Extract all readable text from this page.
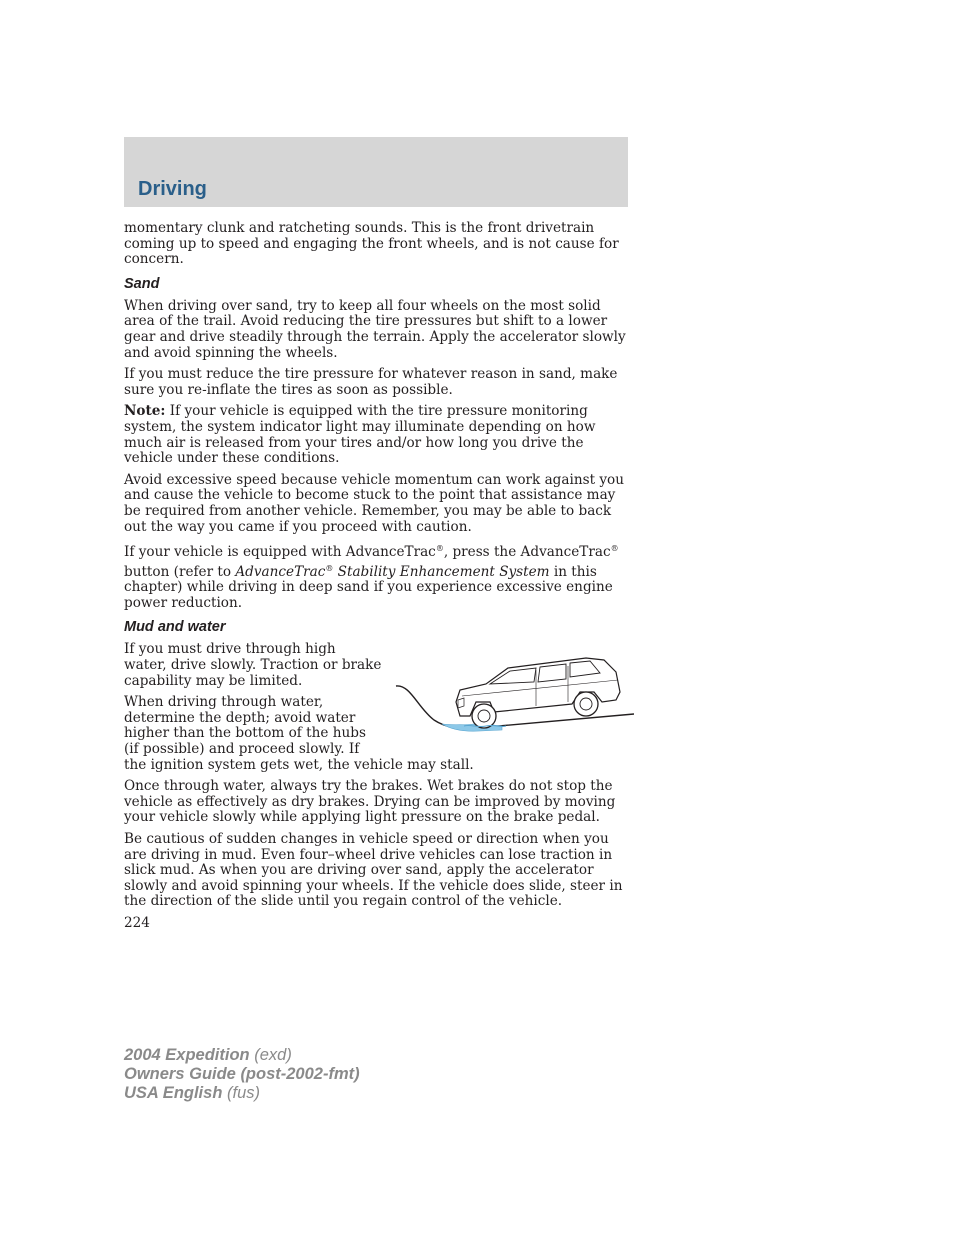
Driving

momentary clunk and ratcheting sounds. This is the front drivetrain coming up to speed and engaging the front wheels, and is not cause for concern.

Sand

When driving over sand, try to keep all four wheels on the most solid area of the trail. Avoid reducing the tire pressures but shift to a lower gear and drive steadily through the terrain. Apply the accelerator slowly and avoid spinning the wheels.

If you must reduce the tire pressure for whatever reason in sand, make sure you re-inflate the tires as soon as possible.

Note: If your vehicle is equipped with the tire pressure monitoring system, the system indicator light may illuminate depending on how much air is released from your tires and/or how long you drive the vehicle under these conditions.

Avoid excessive speed because vehicle momentum can work against you and cause the vehicle to become stuck to the point that assistance may be required from another vehicle. Remember, you may be able to back out the way you came if you proceed with caution.

If your vehicle is equipped with AdvanceTrac®, press the AdvanceTrac® button (refer to AdvanceTrac® Stability Enhancement System in this chapter) while driving in deep sand if you experience excessive engine power reduction.

Mud and water

If you must drive through high water, drive slowly. Traction or brake capability may be limited.

When driving through water, determine the depth; avoid water higher than the bottom of the hubs (if possible) and proceed slowly. If the ignition system gets wet, the vehicle may stall.

Once through water, always try the brakes. Wet brakes do not stop the vehicle as effectively as dry brakes. Drying can be improved by moving your vehicle slowly while applying light pressure on the brake pedal.

Be cautious of sudden changes in vehicle speed or direction when you are driving in mud. Even four–wheel drive vehicles can lose traction in slick mud. As when you are driving over sand, apply the accelerator slowly and avoid spinning your wheels. If the vehicle does slide, steer in the direction of the slide until you regain control of the vehicle.

224

2004 Expedition (exd)
Owners Guide (post-2002-fmt)
USA English (fus)
